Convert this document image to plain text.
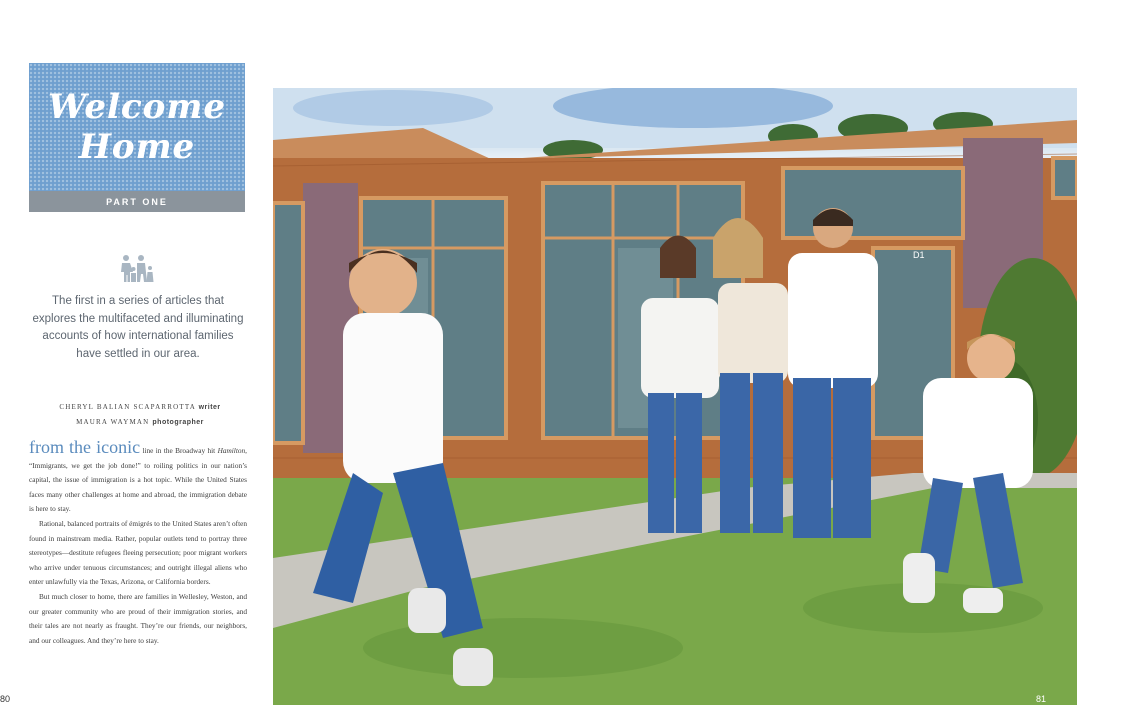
Welcome
Home
PART ONE
The first in a series of articles that explores the multifaceted and illuminating accounts of how international families have settled in our area.
CHERYL BALIAN SCAPARROTTA writer
MAURA WAYMAN photographer

from the iconic line in the Broadway hit Hamilton, “Immigrants, we get the job done!” to roiling politics in our nation’s capital, the issue of immigration is a hot topic. While the United States faces many other challenges at home and abroad, the immigration debate is here to stay.

Rational, balanced portraits of émigrés to the United States aren’t often found in mainstream media. Rather, popular outlets tend to portray three stereotypes—destitute refugees fleeing persecution; poor migrant workers who arrive under tenuous circumstances; and outright illegal aliens who enter unlawfully via the Texas, Arizona, or California borders.

But much closer to home, there are families in Wellesley, Weston, and our greater community who are proud of their immigration stories, and their tales are not nearly as fraught. They’re our friends, our neighbors, and our colleagues. And they’re here to stay.

80
D1
81
